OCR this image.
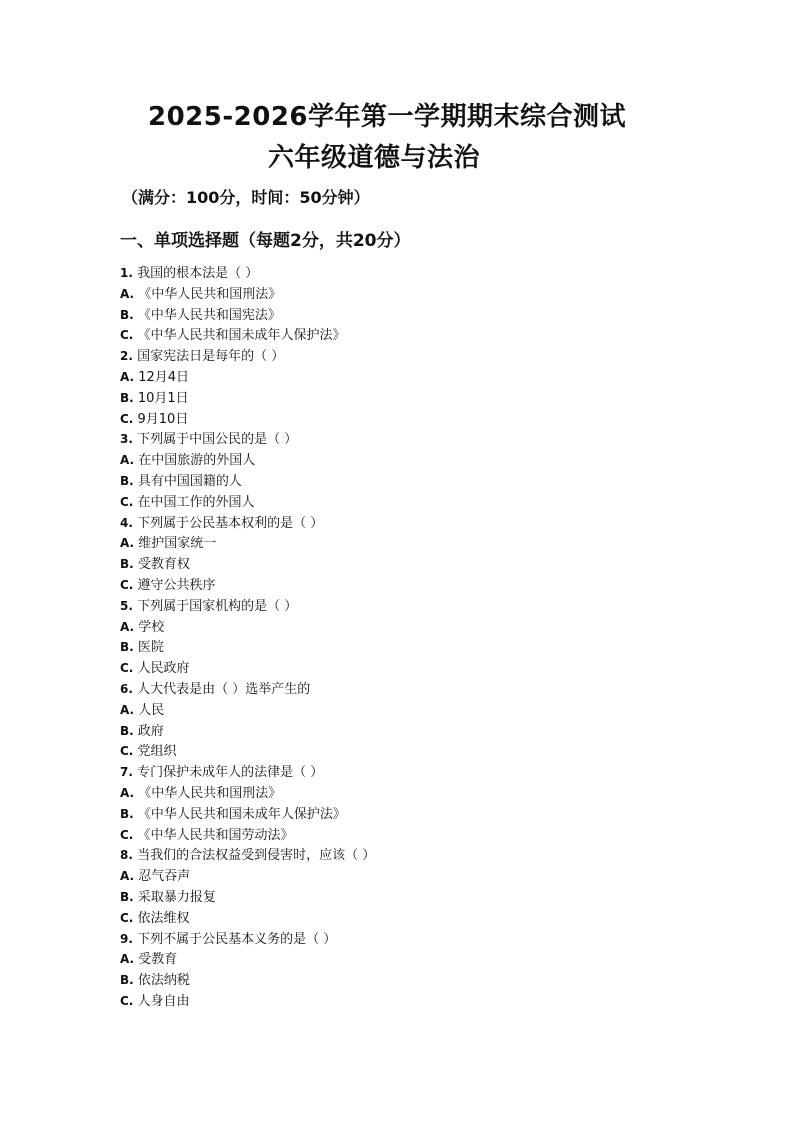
2025-2026学年第一学期期末综合测试
六年级道德与法治
（满分：100分，时间：50分钟）
一、单项选择题（每题2分，共20分）
1. 我国的根本法是（ ）
A. 《中华人民共和国刑法》
B. 《中华人民共和国宪法》
C. 《中华人民共和国未成年人保护法》
2. 国家宪法日是每年的（ ）
A. 12月4日
B. 10月1日
C. 9月10日
3. 下列属于中国公民的是（ ）
A. 在中国旅游的外国人
B. 具有中国国籍的人
C. 在中国工作的外国人
4. 下列属于公民基本权利的是（ ）
A. 维护国家统一
B. 受教育权
C. 遵守公共秩序
5. 下列属于国家机构的是（ ）
A. 学校
B. 医院
C. 人民政府
6. 人大代表是由（ ）选举产生的
A. 人民
B. 政府
C. 党组织
7. 专门保护未成年人的法律是（ ）
A. 《中华人民共和国刑法》
B. 《中华人民共和国未成年人保护法》
C. 《中华人民共和国劳动法》
8. 当我们的合法权益受到侵害时，应该（ ）
A. 忍气吞声
B. 采取暴力报复
C. 依法维权
9. 下列不属于公民基本义务的是（ ）
A. 受教育
B. 依法纳税
C. 人身自由
